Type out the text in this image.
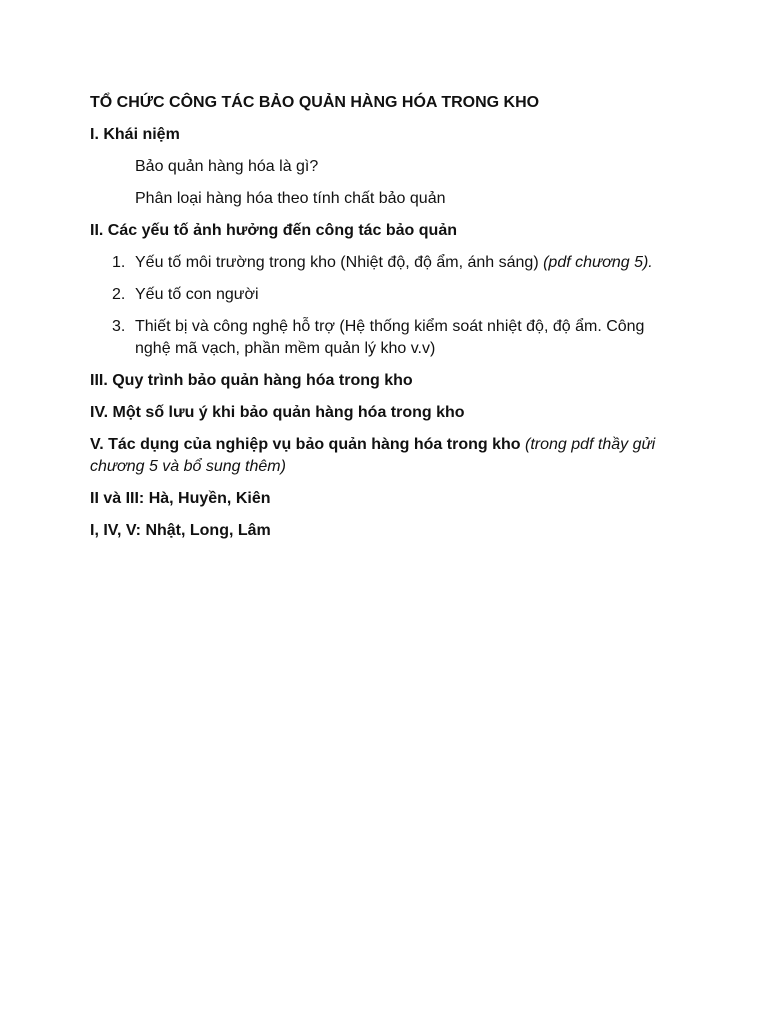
TỔ CHỨC CÔNG TÁC BẢO QUẢN HÀNG HÓA TRONG KHO

I. Khái niệm

Bảo quản hàng hóa là gì?

Phân loại hàng hóa theo tính chất bảo quản

II. Các yếu tố ảnh hưởng đến công tác bảo quản

1. Yếu tố môi trường trong kho (Nhiệt độ, độ ẩm, ánh sáng) (pdf chương 5).
2. Yếu tố con người
3. Thiết bị và công nghệ hỗ trợ (Hệ thống kiểm soát nhiệt độ, độ ẩm. Công nghệ mã vạch, phần mềm quản lý kho v.v)

III. Quy trình bảo quản hàng hóa trong kho

IV. Một số lưu ý khi bảo quản hàng hóa trong kho

V. Tác dụng của nghiệp vụ bảo quản hàng hóa trong kho (trong pdf thầy gửi chương 5 và bổ sung thêm)

II và III: Hà, Huyền, Kiên

I, IV, V: Nhật, Long, Lâm
